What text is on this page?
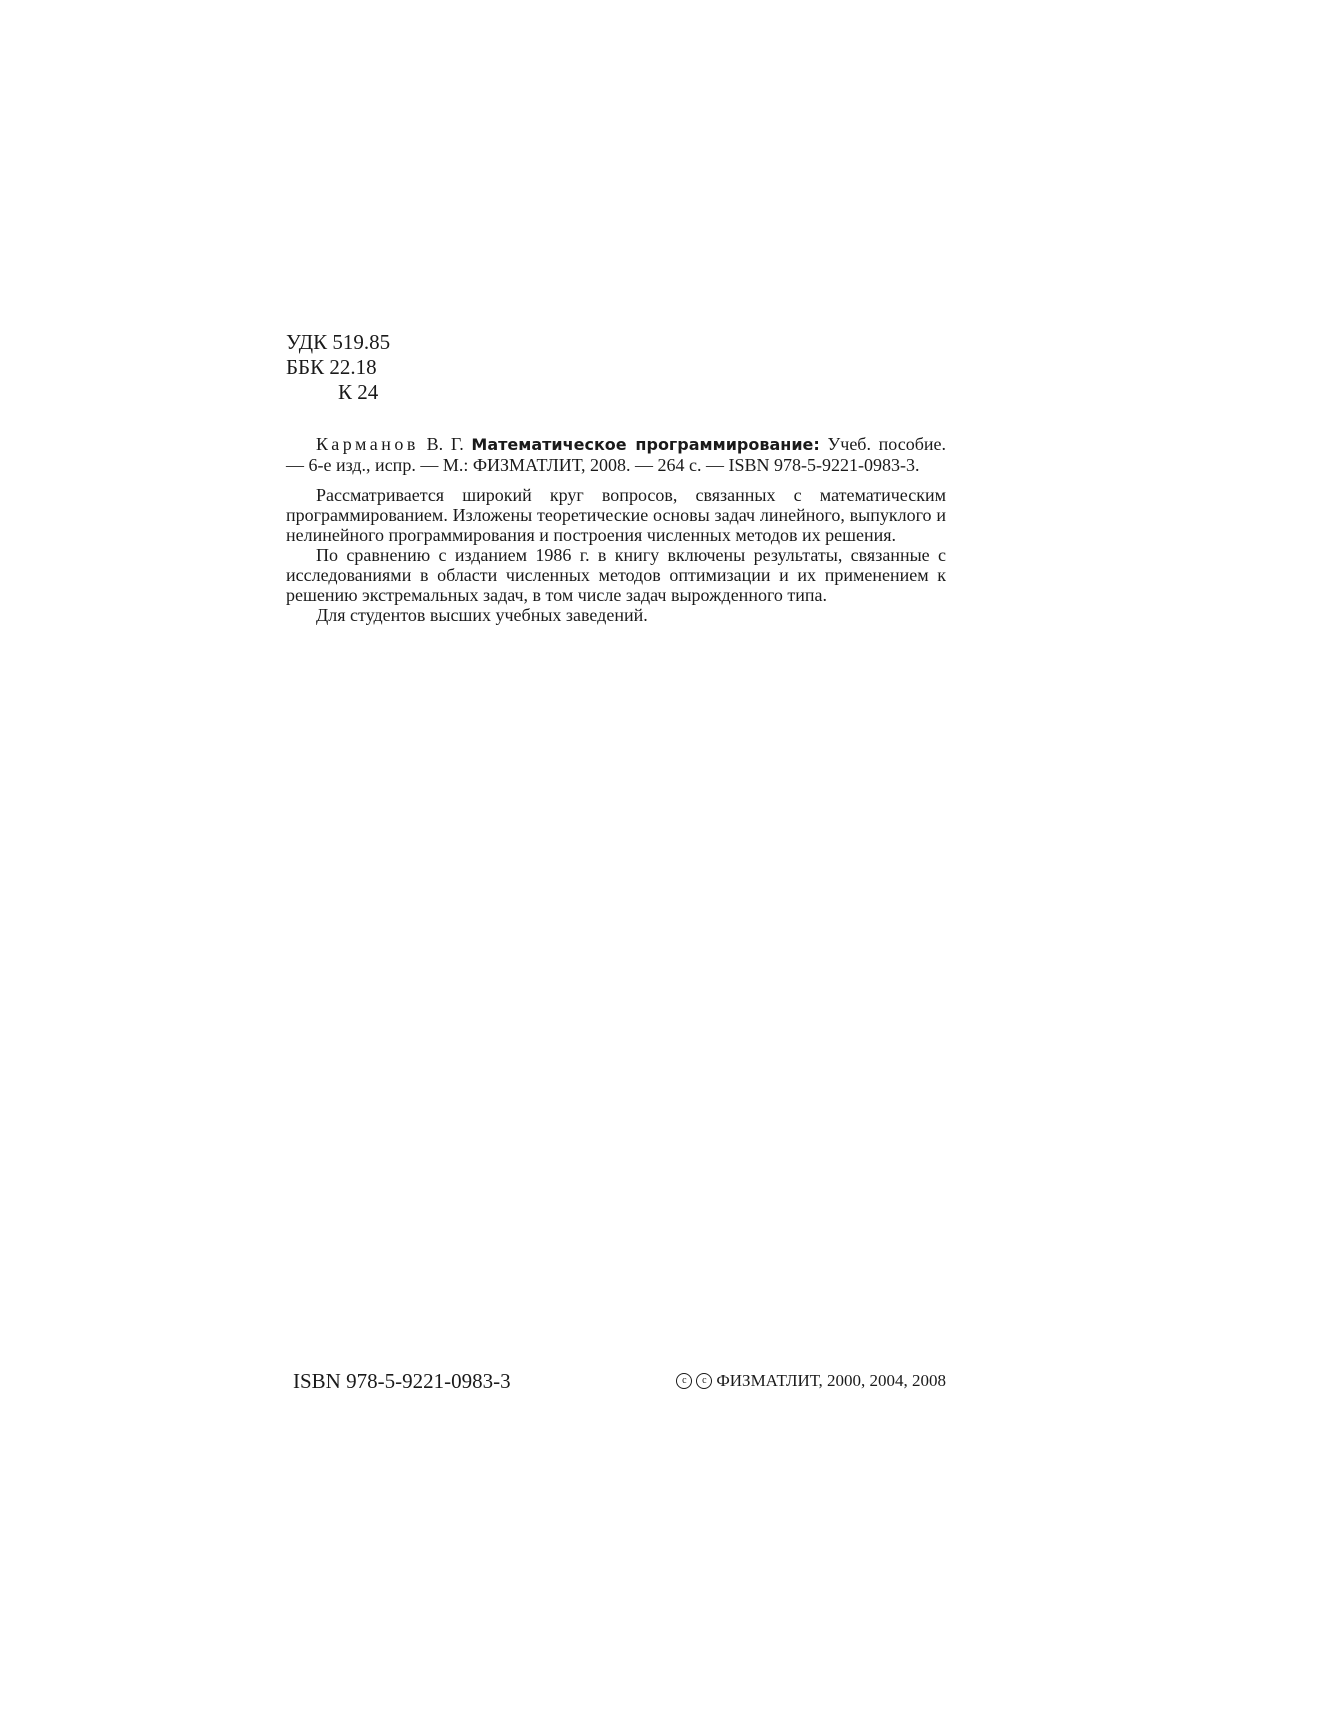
УДК 519.85
ББК 22.18
К 24

Карманов В. Г. Математическое программирование: Учеб. пособие. — 6-е изд., испр. — М.: ФИЗМАТЛИТ, 2008. — 264 с. — ISBN 978-5-9221-0983-3.

Рассматривается широкий круг вопросов, связанных с математическим программированием. Изложены теоретические основы задач линейного, выпуклого и нелинейного программирования и построения численных методов их решения.

По сравнению с изданием 1986 г. в книгу включены результаты, связанные с исследованиями в области численных методов оптимизации и их применением к решению экстремальных задач, в том числе задач вырожденного типа.

Для студентов высших учебных заведений.

ISBN 978-5-9221-0983-3	c	c ФИЗМАТЛИТ, 2000, 2004, 2008
